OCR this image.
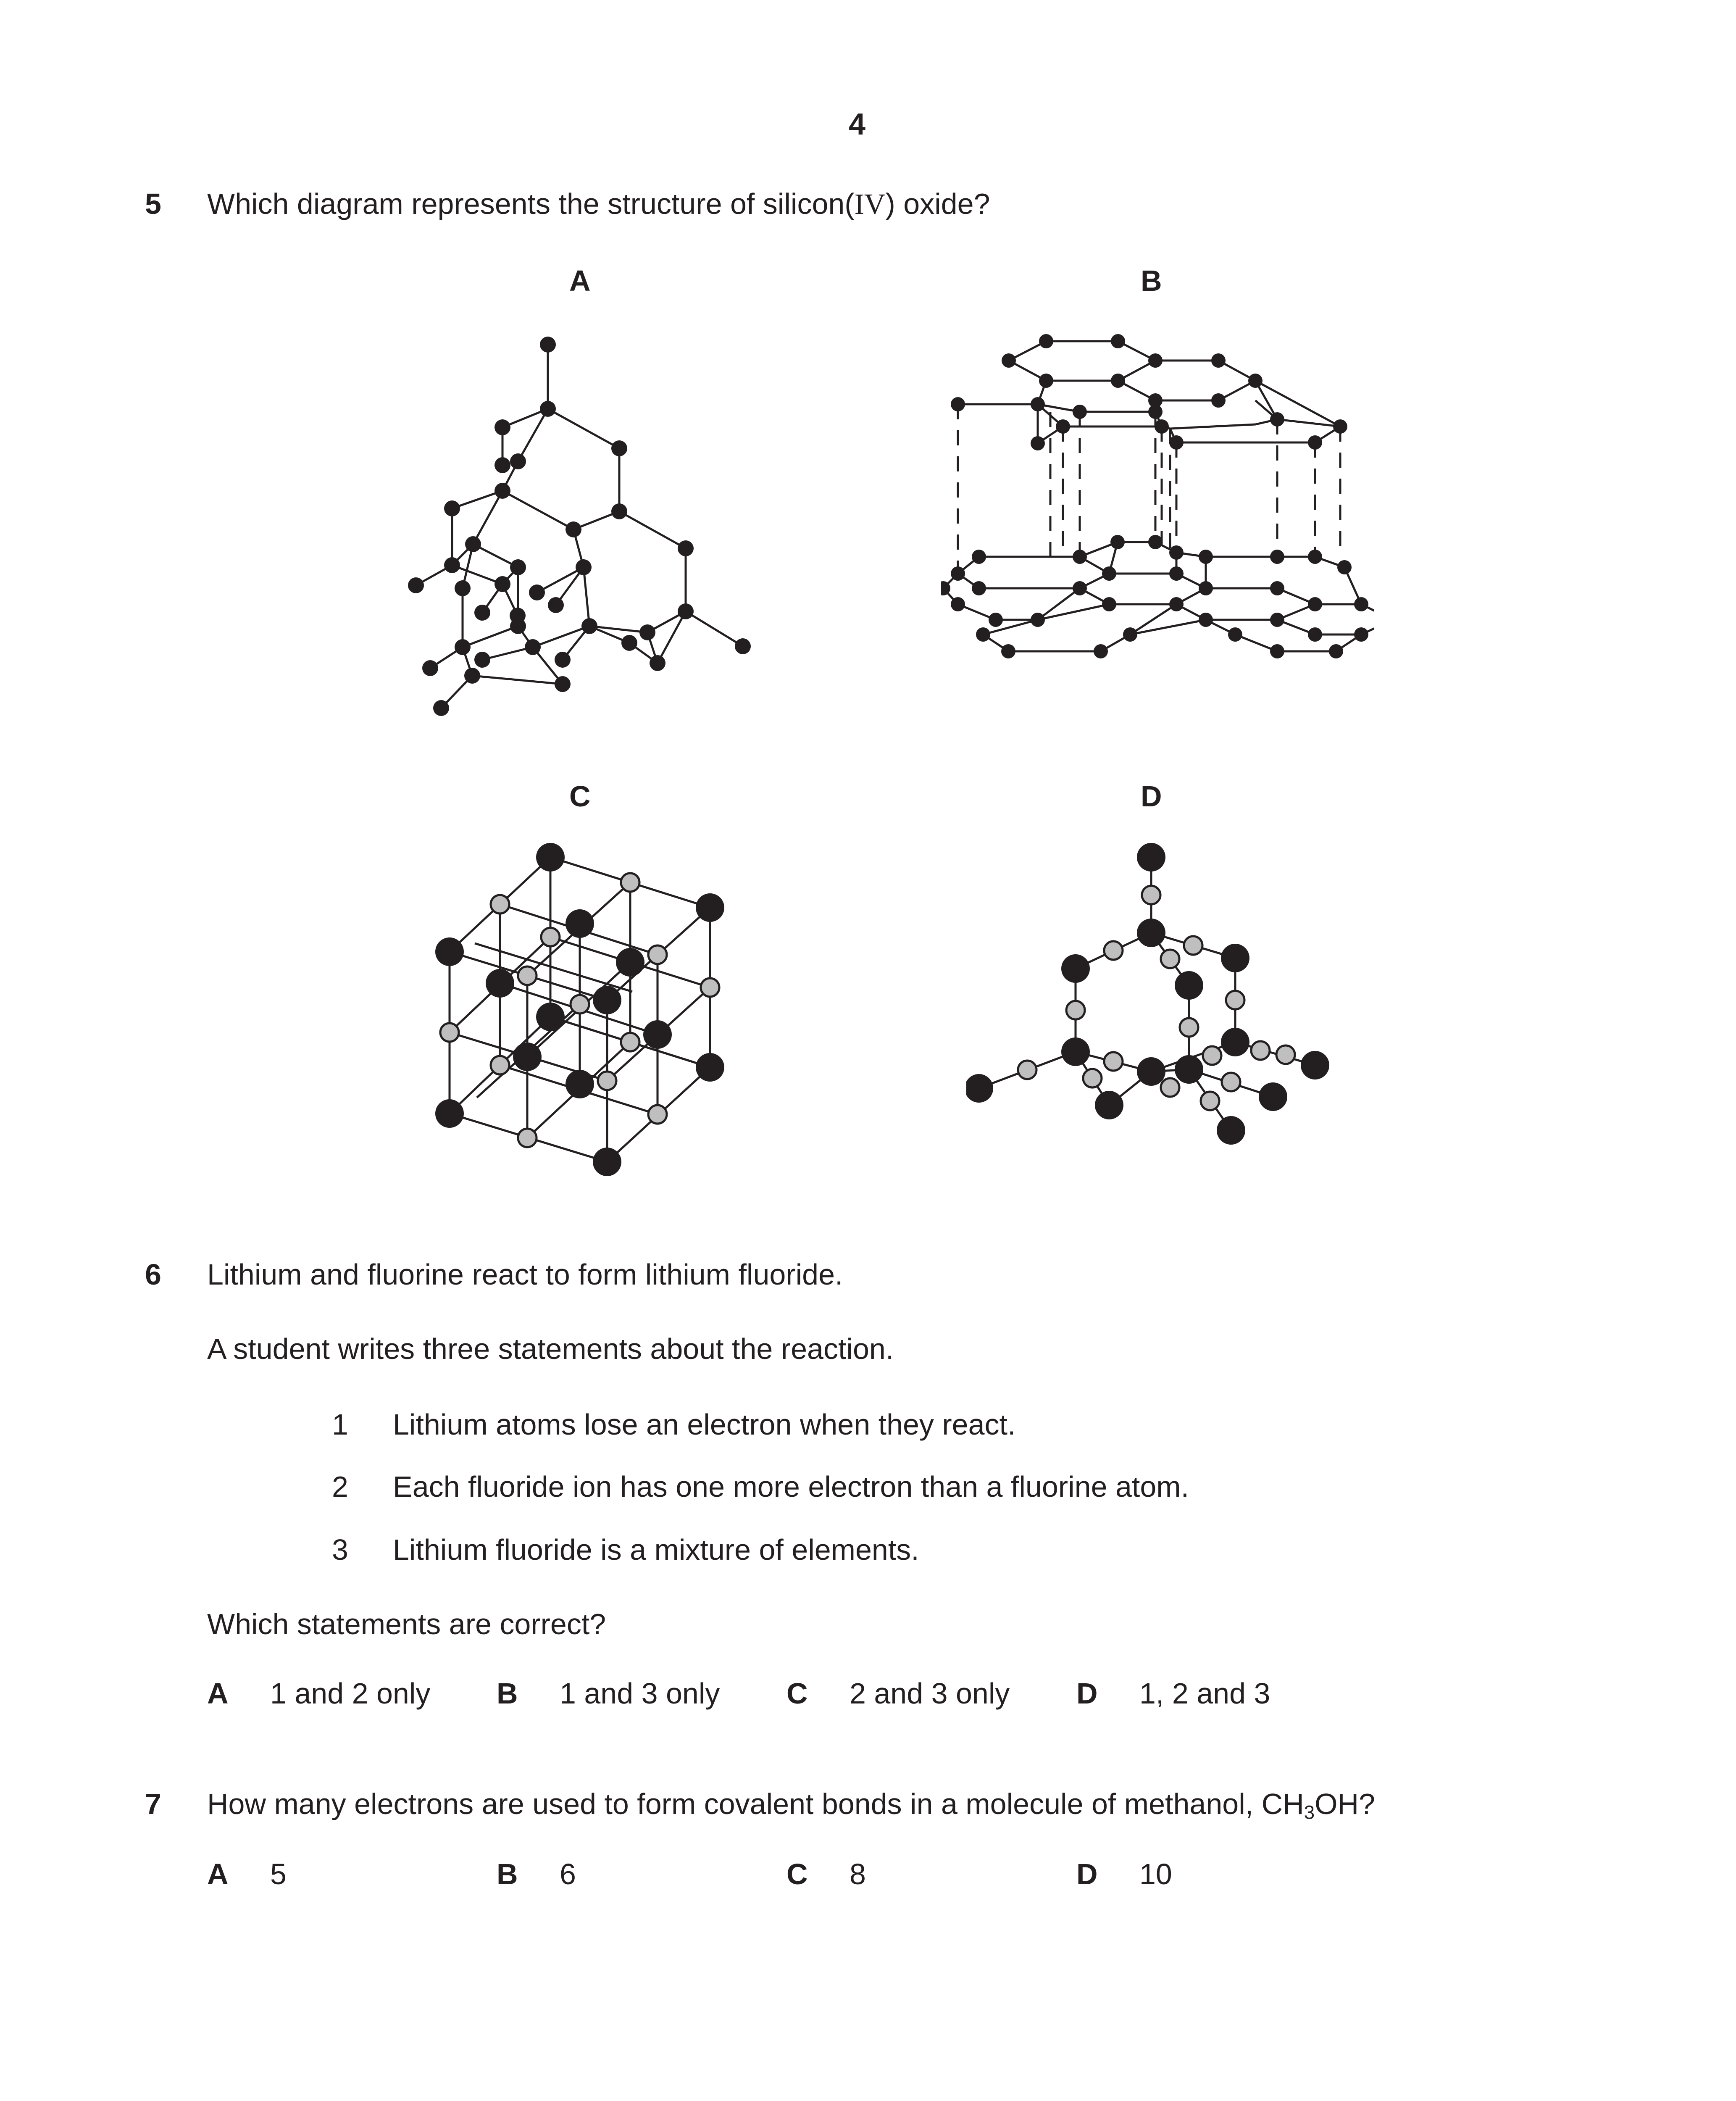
4
5 Which diagram represents the structure of silicon(IV) oxide?
A	B
C	D
6 Lithium and fluorine react to form lithium fluoride.
A student writes three statements about the reaction.
1 Lithium atoms lose an electron when they react.
2 Each fluoride ion has one more electron than a fluorine atom.
3 Lithium fluoride is a mixture of elements.
Which statements are correct?
A 1 and 2 only B 1 and 3 only C 2 and 3 only D 1, 2 and 3
7 How many electrons are used to form covalent bonds in a molecule of methanol, $CH_3OH$?
A 5	B 6	C 8	D 10
